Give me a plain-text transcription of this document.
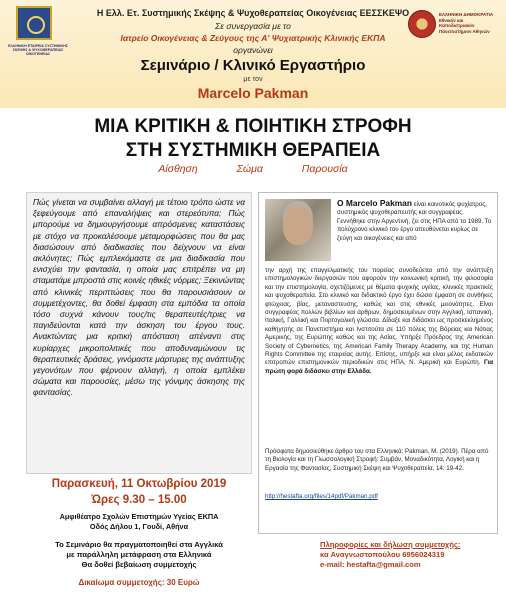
ΕΛΛΗΝΙΚΗ ΕΤΑΙΡΕΙΑ ΣΥΣΤΗΜΙΚΗΣ ΣΚΕΨΗΣ & ΨΥΧΟΘΕΡΑΠΕΙΑΣ ΟΙΚΟΓΕΝΕΙΑΣ
ΕΛΛΗΝΙΚΗ ΔΗΜΟΚΡΑΤΙΑ Εθνικόν και Καποδιστριακόν Πανεπιστήμιον Αθηνών
Η Ελλ. Ετ. Συστημικής Σκέψης & Ψυχοθεραπείας Οικογένειας ΕΕΣΣΚΕΨΟ
Σε συνεργασία με το
Ιατρείο Οικογένειας & Ζεύγους της Α' Ψυχιατρικής Κλινικής ΕΚΠΑ
οργανώνει
Σεμινάριο / Κλινικό Εργαστήριο
με τον
Marcelo Pakman
ΜΙΑ ΚΡΙΤΙΚΗ & ΠΟΙΗΤΙΚΗ ΣΤΡΟΦΗ
ΣΤΗ ΣΥΣΤΗΜΙΚΗ ΘΕΡΑΠΕΙΑ
Αίσθηση	Σώμα	Παρουσία

Πώς γίνεται να συμβαίνει αλλαγή με τέτοιο τρόπο ώστε να ξεφεύγουμε από επαναλήψεις και στερεότυπα; Πώς μπορούμε να δημιουργήσουμε απρόσμενες καταστάσεις με στόχο να προκαλέσουμε μεταμορφώσεις που θα μας διασώσουν από διαδικασίες που δείχνουν να είναι ακλόνητες; Πώς εμπλεκόμαστε σε μια διαδικασία που ενισχύει την φαντασία, η οποία μας επιτρέπει να μη σταματάμε μπροστά στις κοινές ηθικές νόρμες; Ξεκινώντας από κλινικές περιπτώσεις που θα παρουσιάσουν οι συμμετέχοντες, θα δοθεί έμφαση στα εμπόδια τα οποία τόσο συχνά κάνουν τους/τις θεραπευτές/τριες να παγιδεύονται κατά την άσκηση του έργου τους. Ανακτώντας μια κριτική απόσταση απέναντι στις κυρίαρχες μικροπολιτικές που αποδυναμώνουν τις θεραπευτικές δράσεις, γινόμαστε μάρτυρες της ανάπτυξης γεγονότων που φέρνουν αλλαγή, η οποία εμπλέκει σώματα και παρουσίες, μέσω της γόνιμης άσκησης της φαντασίας.

Ο Marcelo Pakman είναι κοινοτικός ψυχίατρος, συστημικός ψυχοθεραπευτής και συγγραφέας. Γεννήθηκε στην Αργεντινή, ζει στις ΗΠΑ από το 1989. Το πολύχρονο κλινικό του έργο απευθύνεται κυρίως σε ζεύγη και οικογένειες και από
την αρχή της επαγγελματικής του πορείας συνοδεύεται από την ανάπτυξη επιστημολογικών διεργασιών που αφορούν την κοινωνική κριτική, την φιλοσοφία και την επιστημολογία, σχετιζόμενες με θέματα ψυχικής υγείας, κλινικές πρακτικές και ψυχοθεραπεία. Στο κλινικό και διδακτικό έργο έχει δώσει έμφαση σε συνθήκες φτώχειας, βίας, μεταναστευσης, καθώς και στις εθνικές μειονότητες. Είναι συγγραφέας πολλών βιβλίων και άρθρων, δημοσιευμένων στην Αγγλική, Ισπανική, Ιταλική, Γαλλική και Πορτογαλική γλώσσα. Δίδαξε και διδάσκει ως προσκεκλημένος καθηγητής σε Πανεπιστήμια και Ινστιτούτα σε 110 πόλεις της Βόρειας και Νότιας Αμερικής, της Ευρώπης καθώς και της Ασίας. Υπήρξε Πρόεδρος της American Society of Cybernetics, της American Family Therapy Academy, και της Human Rights Committee της εταιρείας αυτής. Επίσης, υπήρξε και είναι μέλος εκδοτικών επιτροπών επιστημονικών περιοδικών στις ΗΠΑ, Ν. Αμερική και Ευρώπη. Για πρώτη φορά διδάσκει στην Ελλάδα.
Πρόσφατα δημοσιεύθηκε άρθρο του στα Ελληνικά: Pakman, M. (2019). Πέρα από τη Βιολογία και τη Γλωσσολογική Στροφή: Συμβάν, Μοναδικότητα, Λογική και η Εργασία της Φαντασίας, Συστημική Σκέψη και Ψυχοθεραπεία, 14: 19-42.
http://hestafta.org/files/14pdf/Pakman.pdf
Παρασκευή, 11 Οκτωβρίου 2019
Ώρες 9.30 – 15.00
Αμφιθέατρο Σχολών Επιστημών Υγείας ΕΚΠΑ
Οδός Δήλου 1, Γουδί, Αθήνα
Το Σεμινάριο θα πραγματοποιηθεί στα Αγγλικά
με παράλληλη μετάφραση στα Ελληνικά
Θα δοθεί βεβαίωση συμμετοχής
Δικαίωμα συμμετοχής: 30 Ευρώ
Πληροφορίες και δήλωση συμμετοχής:
κα Αναγνωστοπούλου 6956024319
e-mail: hestafta@gmail.com
